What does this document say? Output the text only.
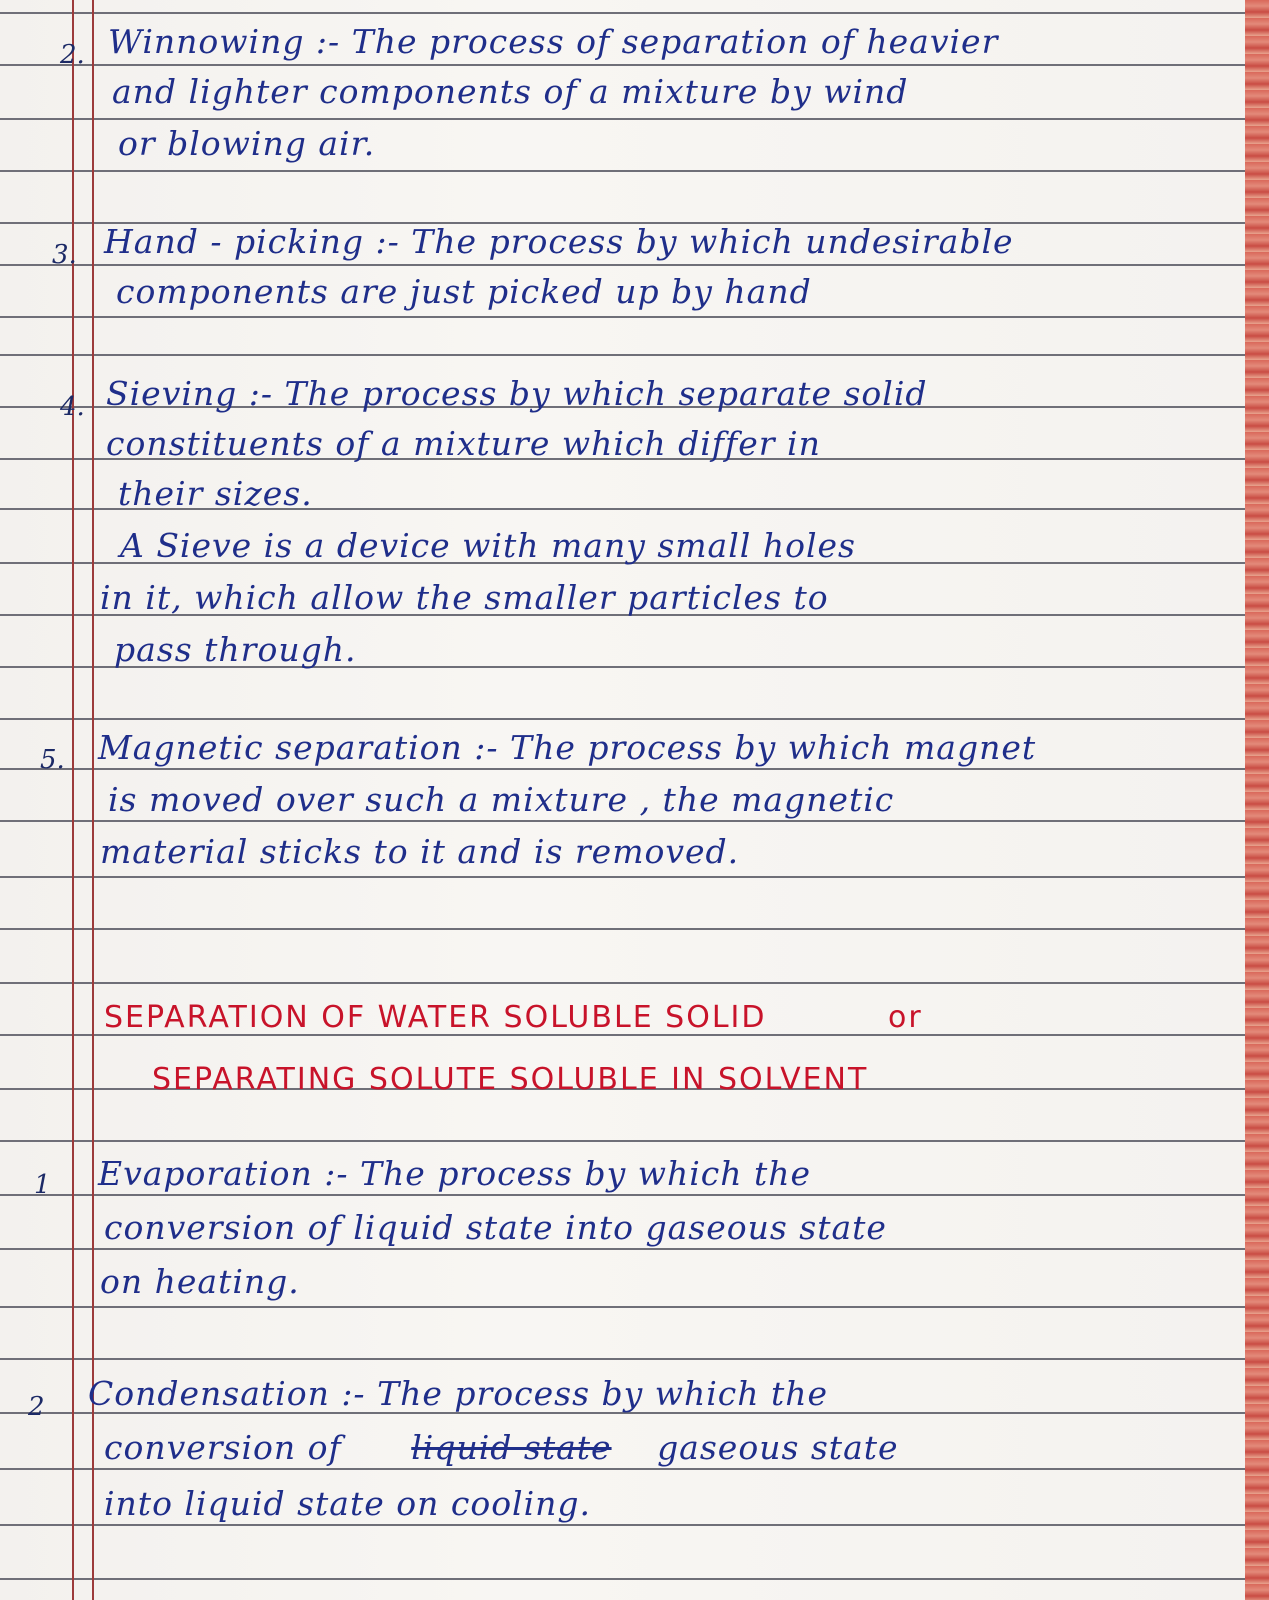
2. Winnowing :- The process of separation of heavier
and lighter components of a mixture by wind
or blowing air.
3. Hand - picking :- The process by which undesirable
components are just picked up by hand
4. Sieving :- The process by which separate solid
constituents of a mixture which differ in
their sizes.
A Sieve is a device with many small holes
in it, which allow the smaller particles to
pass through.
5. Magnetic separation :- The process by which magnet
is moved over such a mixture , the magnetic
material sticks to it and is removed.
SEPARATION OF WATER SOLUBLE SOLID	or
SEPARATING SOLUTE SOLUBLE IN SOLVENT
1 Evaporation :- The process by which the
conversion of liquid state into gaseous state
on heating.
2 Condensation :- The process by which the
conversion of liquid state gaseous state
into liquid state on cooling.
